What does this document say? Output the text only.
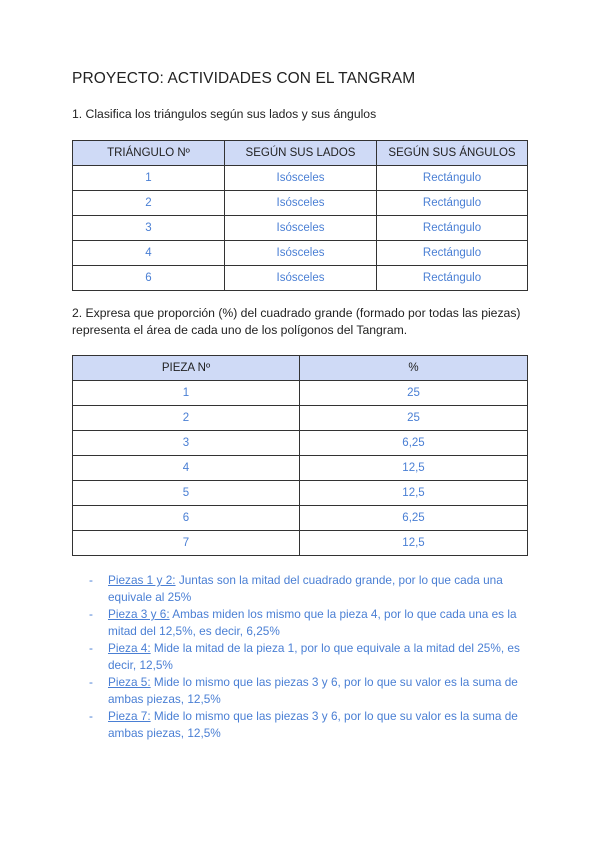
PROYECTO: ACTIVIDADES CON EL TANGRAM
1. Clasifica los triángulos según sus lados y sus ángulos
TRIÁNGULO Nº	SEGÚN SUS LADOS	SEGÚN SUS ÁNGULOS
1	Isósceles	Rectángulo
2	Isósceles	Rectángulo
3	Isósceles	Rectángulo
4	Isósceles	Rectángulo
6	Isósceles	Rectángulo
2. Expresa que proporción (%) del cuadrado grande (formado por todas las piezas) representa el área de cada uno de los polígonos del Tangram.
PIEZA Nº	%
1	25
2	25
3	6,25
4	12,5
5	12,5
6	6,25
7	12,5
- Piezas 1 y 2: Juntas son la mitad del cuadrado grande, por lo que cada una equivale al 25%
- Pieza 3 y 6: Ambas miden los mismo que la pieza 4, por lo que cada una es la mitad del 12,5%, es decir, 6,25%
- Pieza 4: Mide la mitad de la pieza 1, por lo que equivale a la mitad del 25%, es decir, 12,5%
- Pieza 5: Mide lo mismo que las piezas 3 y 6, por lo que su valor es la suma de ambas piezas, 12,5%
- Pieza 7: Mide lo mismo que las piezas 3 y 6, por lo que su valor es la suma de ambas piezas, 12,5%
